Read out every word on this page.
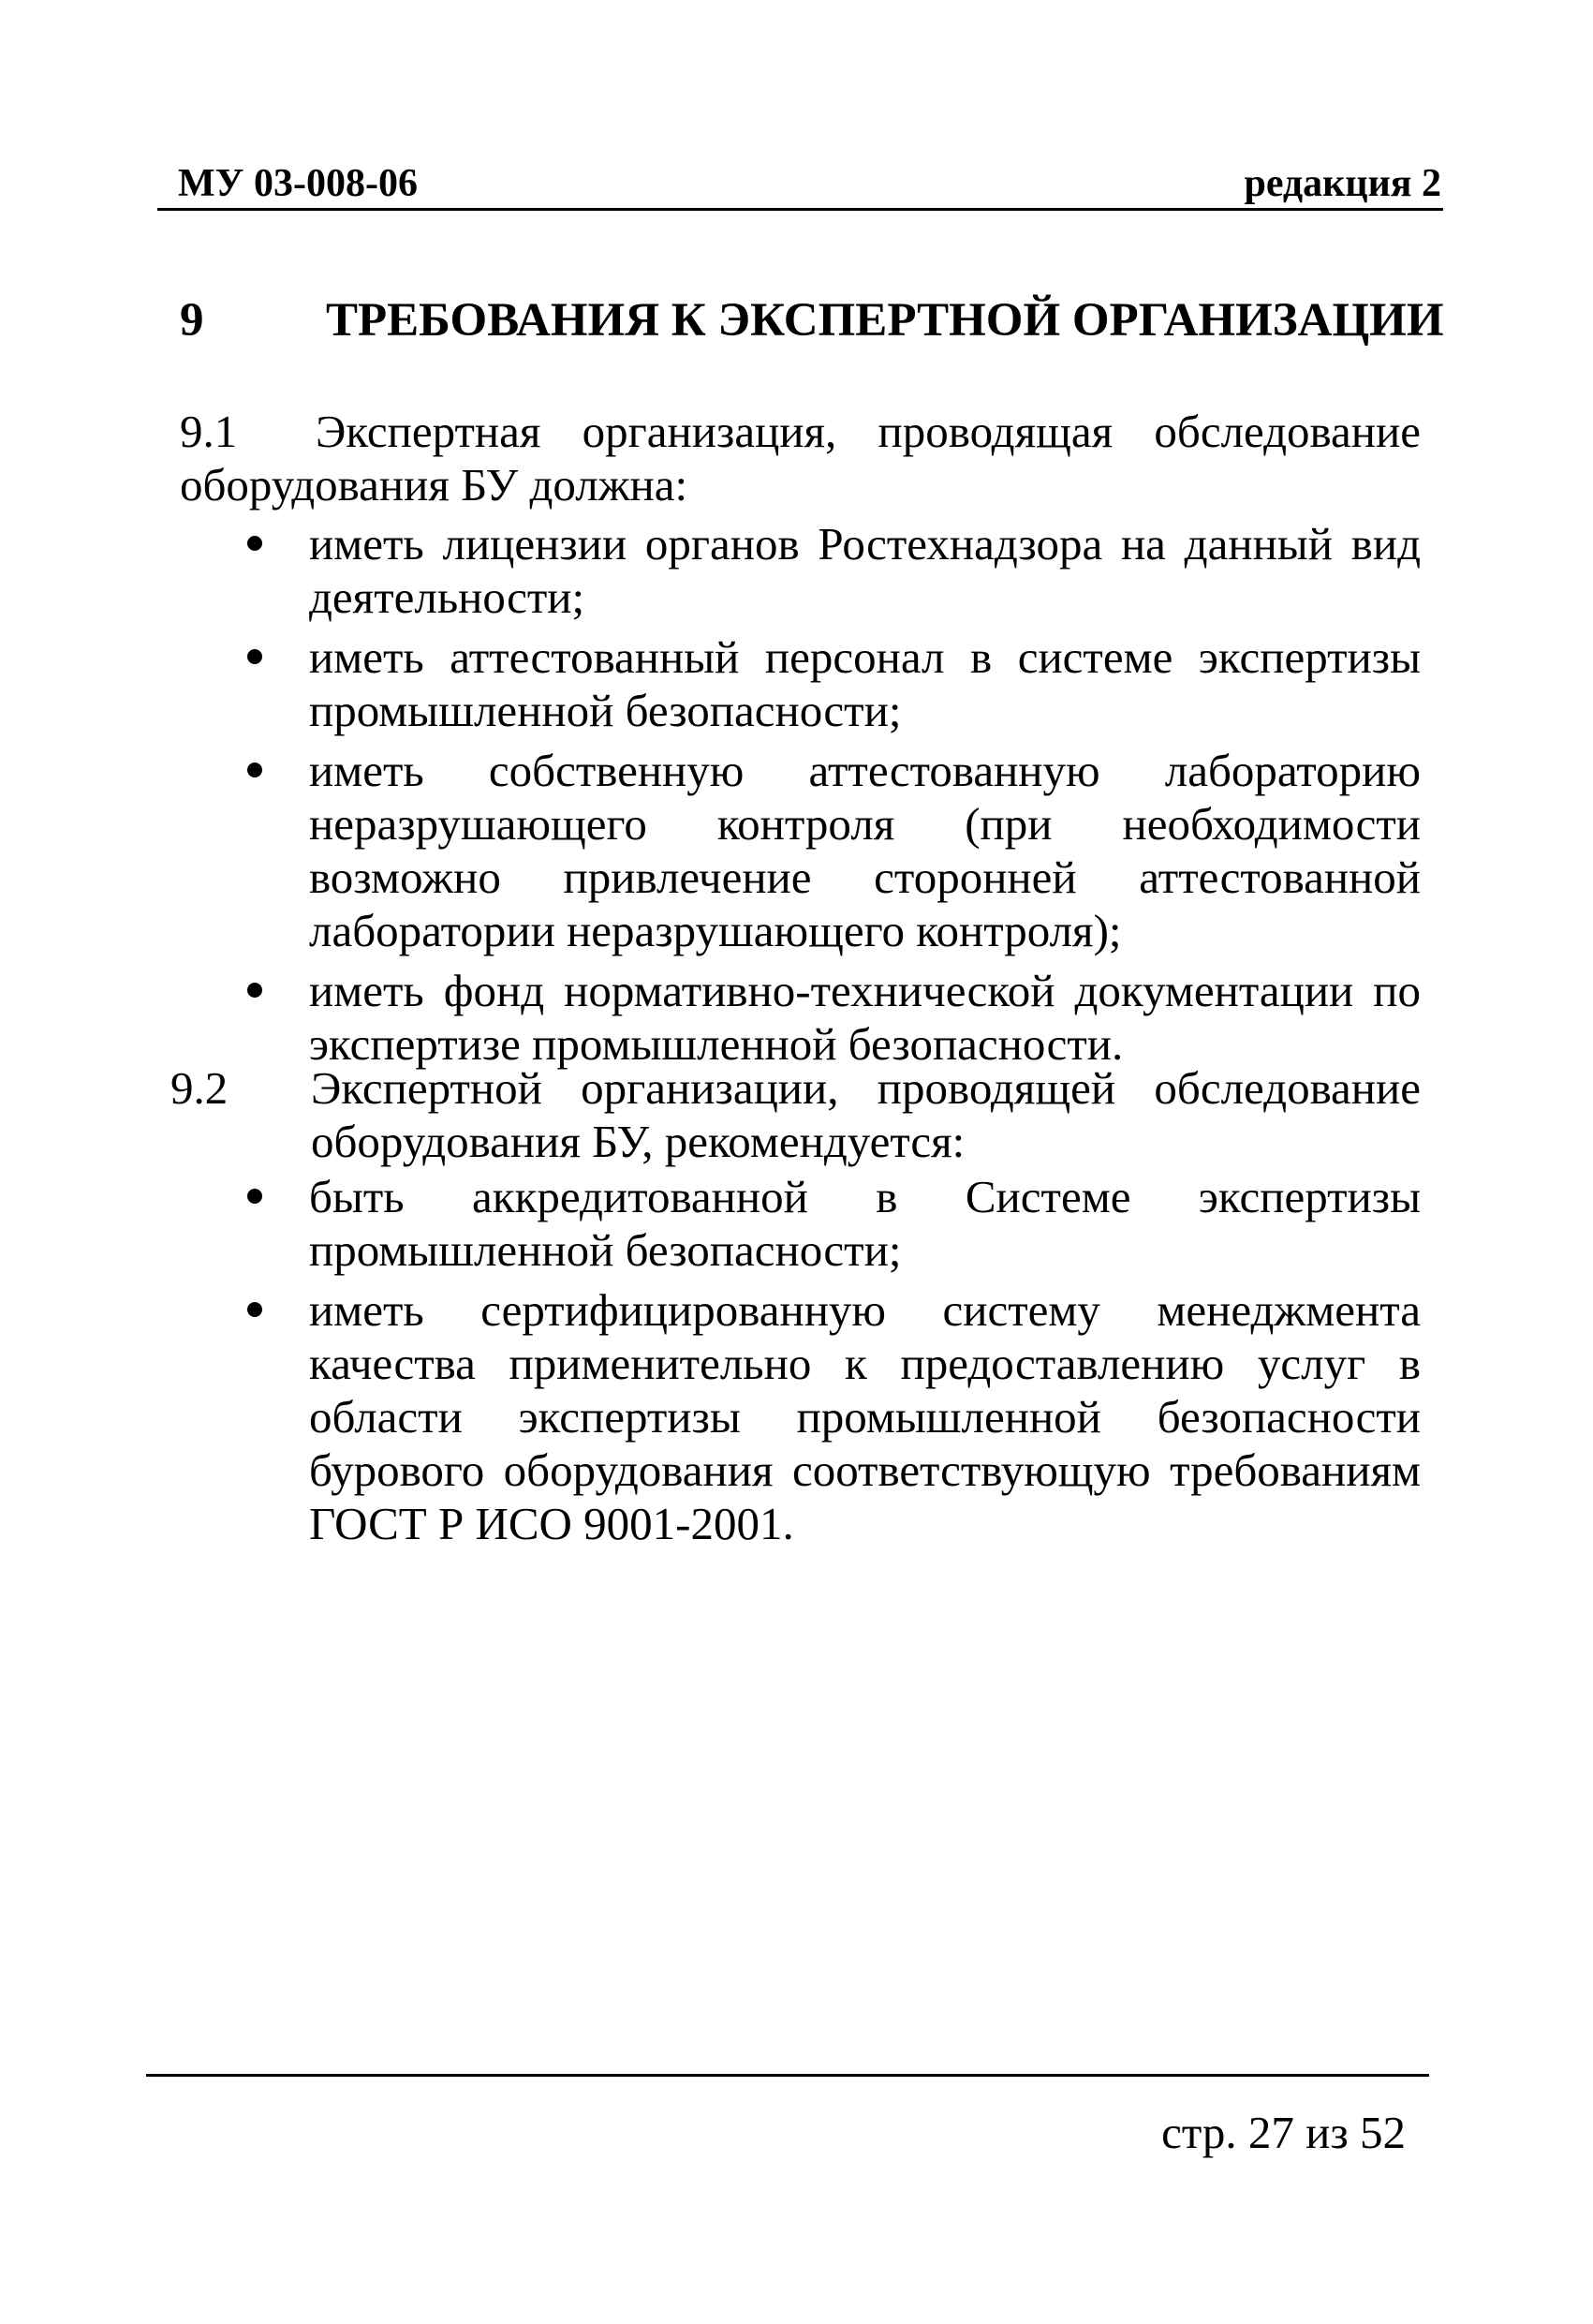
МУ 03-008-06	редакция 2
9	ТРЕБОВАНИЯ К ЭКСПЕРТНОЙ ОРГАНИЗАЦИИ
9.1	Экспертная организация, проводящая обследование оборудования БУ должна:
иметь лицензии органов Ростехнадзора на данный вид деятельности;
иметь аттестованный персонал в системе экспертизы промышленной безопасности;
иметь собственную аттестованную лабораторию неразрушающего контроля (при необходимости возможно привлечение сторонней аттестованной лаборатории неразрушающего контроля);
иметь фонд нормативно-технической документации по экспертизе промышленной безопасности.
9.2 Экспертной организации, проводящей обследование оборудования БУ, рекомендуется:
быть аккредитованной в Системе экспертизы промышленной безопасности;
иметь сертифицированную систему менеджмента качества применительно к предоставлению услуг в области экспертизы промышленной безопасности бурового оборудования соответствующую требованиям ГОСТ Р ИСО 9001-2001.
стр. 27 из 52
